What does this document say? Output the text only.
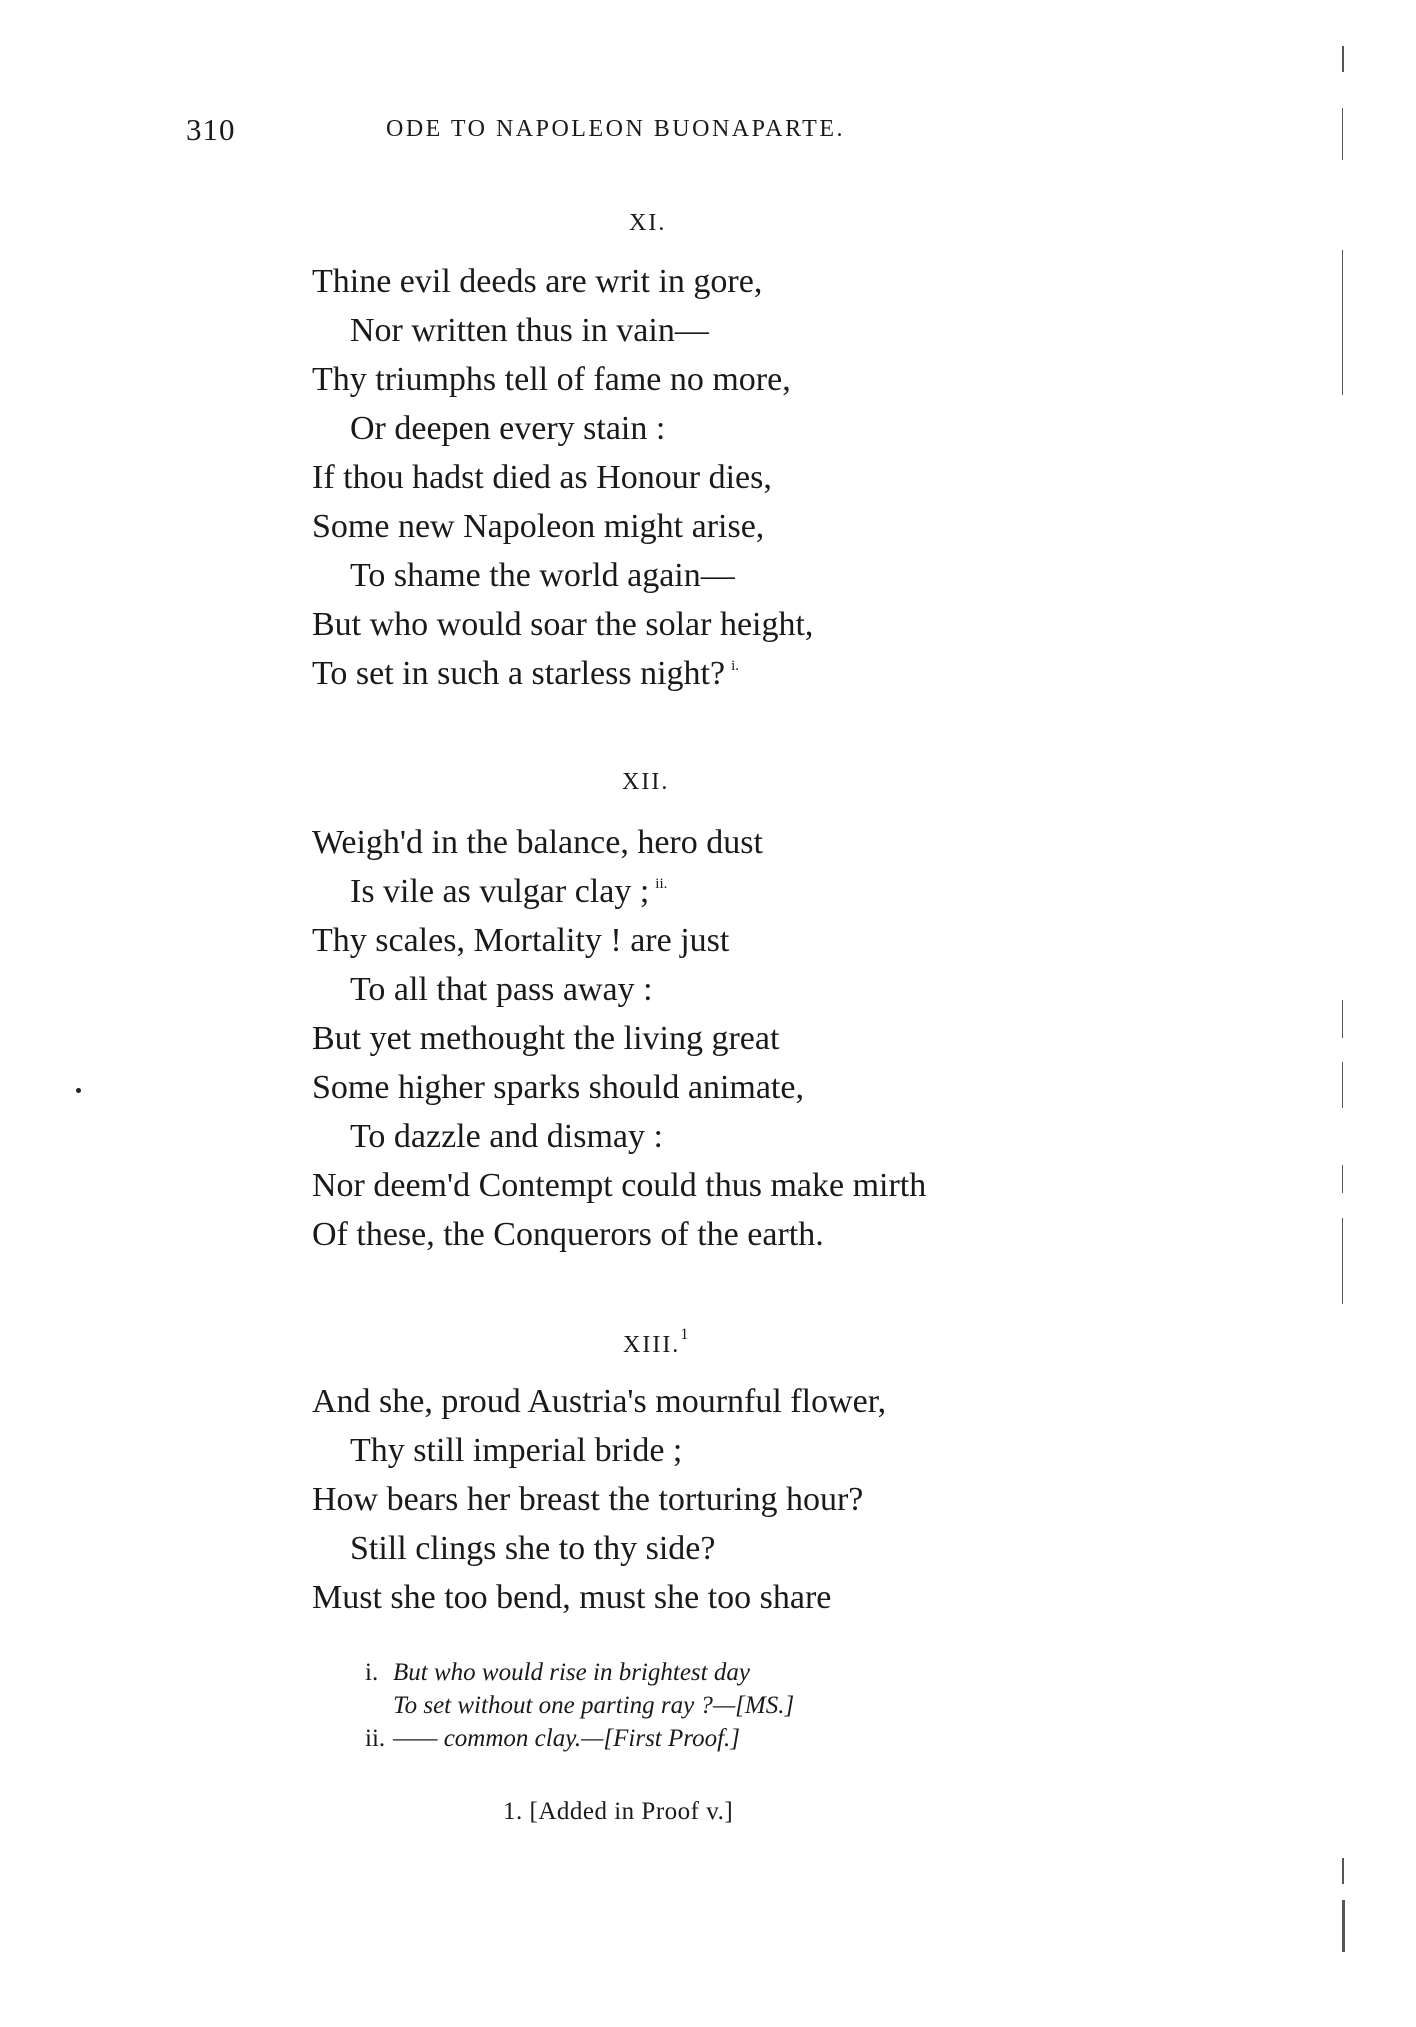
310	ODE TO NAPOLEON BUONAPARTE.
XI.
Thine evil deeds are writ in gore,
Nor written thus in vain—
Thy triumphs tell of fame no more,
Or deepen every stain :
If thou hadst died as Honour dies,
Some new Napoleon might arise,
To shame the world again—
But who would soar the solar height,
To set in such a starless night? $^{i.}$
XII.
Weigh'd in the balance, hero dust
Is vile as vulgar clay ; $^{ii.}$
Thy scales, Mortality ! are just
To all that pass away :
But yet methought the living great
Some higher sparks should animate,
To dazzle and dismay :
Nor deem'd Contempt could thus make mirth
Of these, the Conquerors of the earth.
XIII.$^1$
And she, proud Austria's mournful flower,
Thy still imperial bride ;
How bears her breast the torturing hour?
Still clings she to thy side?
Must she too bend, must she too share
i. But who would rise in brightest day
To set without one parting ray ?—[MS.]
ii. —— common clay.—[First Proof.]
1. [Added in Proof v.]
